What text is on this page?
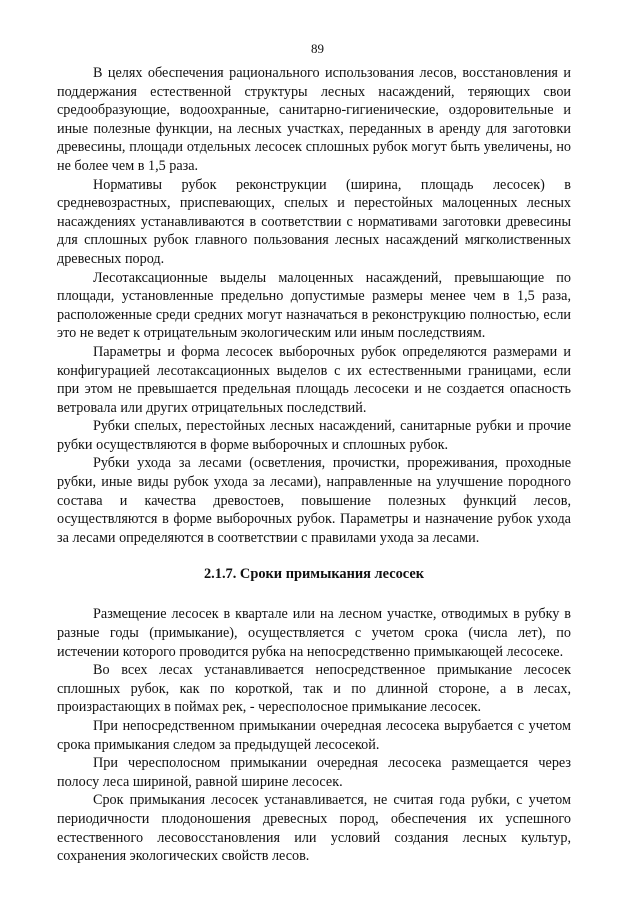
89

В целях обеспечения рационального использования лесов, восстановления и поддержания естественной структуры лесных насаждений, теряющих свои средообразующие, водоохранные, санитарно-гигиенические, оздоровительные и иные полезные функции, на лесных участках, переданных в аренду для заготовки древесины, площади отдельных лесосек сплошных рубок могут быть увеличены, но не более чем в 1,5 раза.

Нормативы рубок реконструкции (ширина, площадь лесосек) в средневозрастных, приспевающих, спелых и перестойных малоценных лесных насаждениях устанавливаются в соответствии с нормативами заготовки древесины для сплошных рубок главного пользования лесных насаждений мягколиственных древесных пород.

Лесотаксационные выделы малоценных насаждений, превышающие по площади, установленные предельно допустимые размеры менее чем в 1,5 раза, расположенные среди средних могут назначаться в реконструкцию полностью, если это не ведет к отрицательным экологическим или иным последствиям.

Параметры и форма лесосек выборочных рубок определяются размерами и конфигурацией лесотаксационных выделов с их естественными границами, если при этом не превышается предельная площадь лесосеки и не создается опасность ветровала или других отрицательных последствий.

Рубки спелых, перестойных лесных насаждений, санитарные рубки и прочие рубки осуществляются в форме выборочных и сплошных рубок.

Рубки ухода за лесами (осветления, прочистки, прореживания, проходные рубки, иные виды рубок ухода за лесами), направленные на улучшение породного состава и качества древостоев, повышение полезных функций лесов, осуществляются в форме выборочных рубок. Параметры и назначение рубок ухода за лесами определяются в соответствии с правилами ухода за лесами.

2.1.7. Сроки примыкания лесосек

Размещение лесосек в квартале или на лесном участке, отводимых в рубку в разные годы (примыкание), осуществляется с учетом срока (числа лет), по истечении которого проводится рубка на непосредственно примыкающей лесосеке.

Во всех лесах устанавливается непосредственное примыкание лесосек сплошных рубок, как по короткой, так и по длинной стороне, а в лесах, произрастающих в поймах рек, - чересполосное примыкание лесосек.

При непосредственном примыкании очередная лесосека вырубается с учетом срока примыкания следом за предыдущей лесосекой.

При чересполосном примыкании очередная лесосека размещается через полосу леса шириной, равной ширине лесосек.

Срок примыкания лесосек устанавливается, не считая года рубки, с учетом периодичности плодоношения древесных пород, обеспечения их успешного естественного лесовосстановления или условий создания лесных культур, сохранения экологических свойств лесов.
